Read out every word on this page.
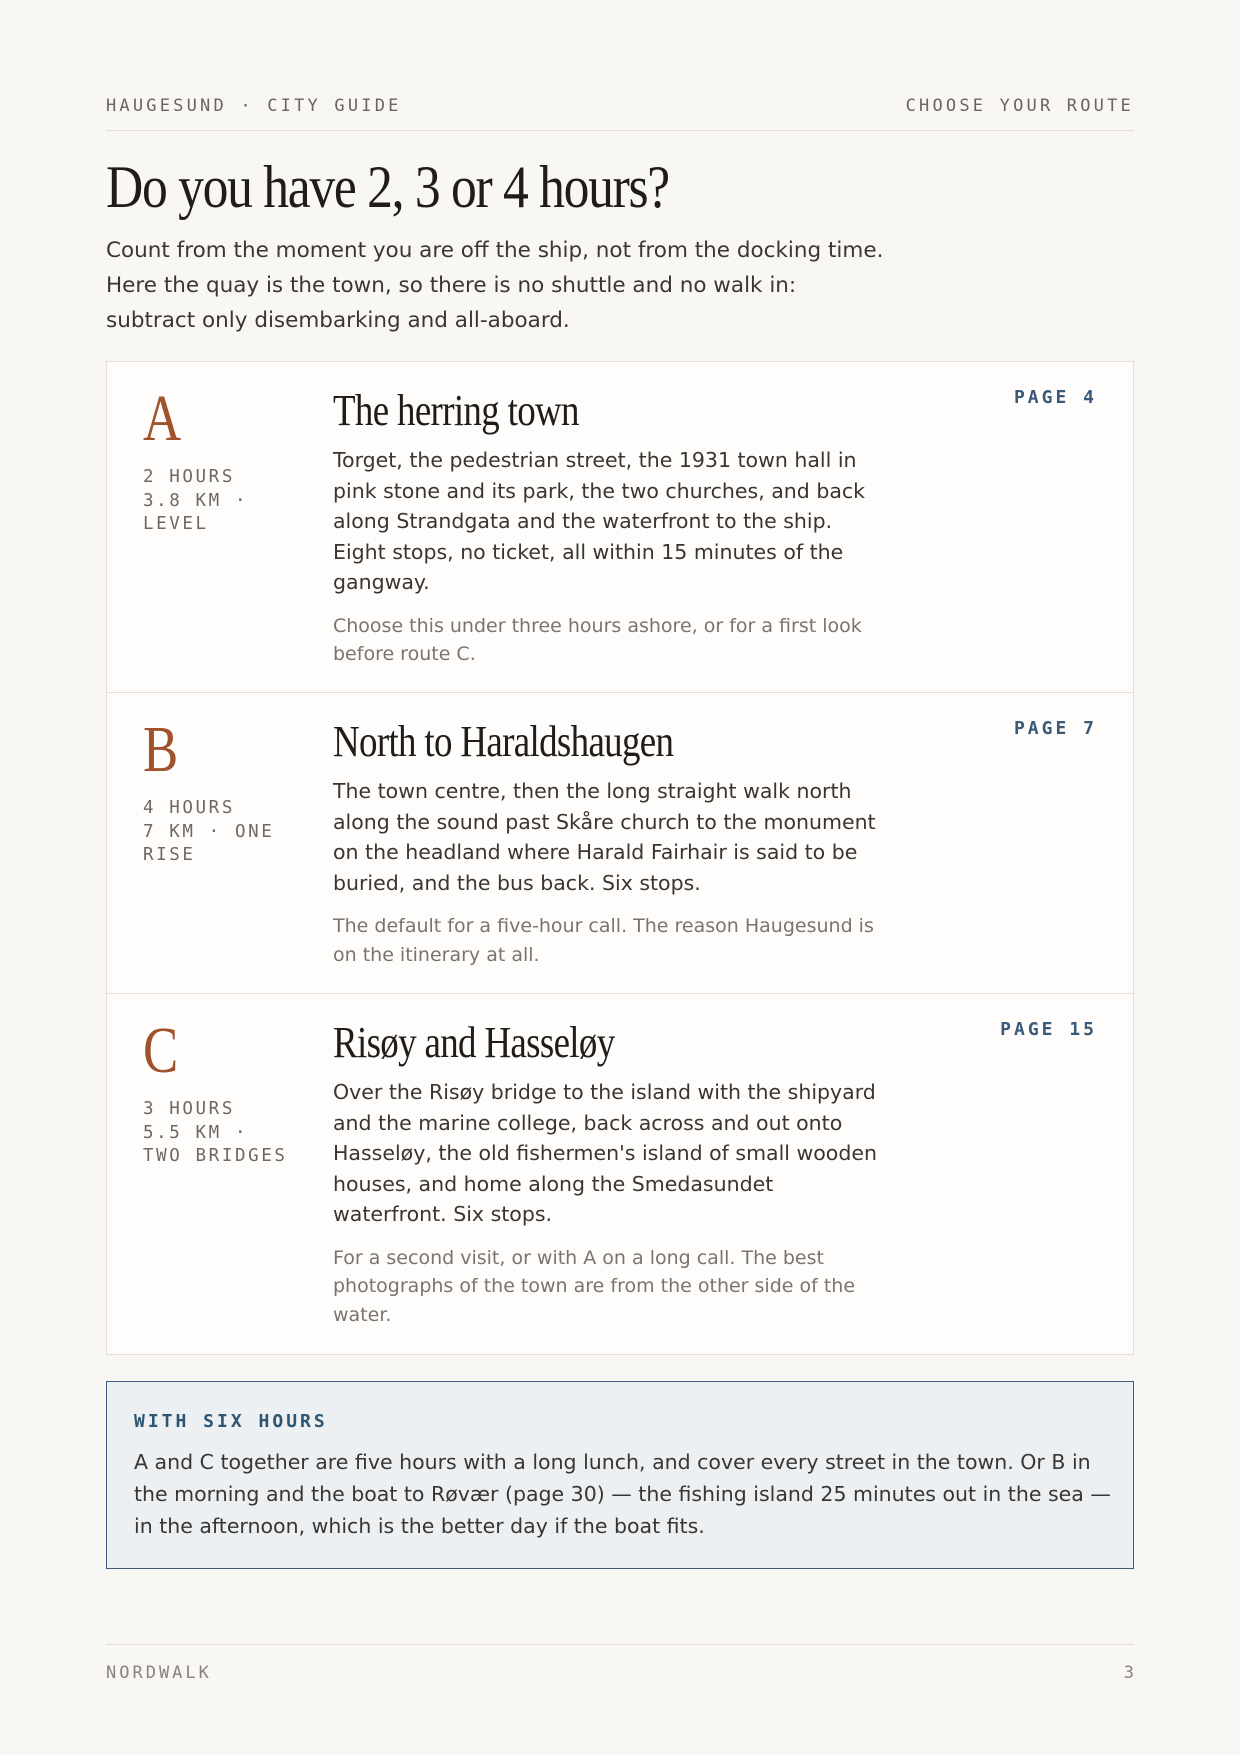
HAUGESUND · CITY GUIDE	CHOOSE YOUR ROUTE
Do you have 2, 3 or 4 hours?

Count from the moment you are off the ship, not from the docking time. Here the quay is the town, so there is no shuttle and no walk in: subtract only disembarking and all-aboard.

A
2 HOURS
3.8 KM ·
LEVEL
The herring town

Torget, the pedestrian street, the 1931 town hall in pink stone and its park, the two churches, and back along Strandgata and the waterfront to the ship. Eight stops, no ticket, all within 15 minutes of the gangway.

Choose this under three hours ashore, or for a first look before route C.

PAGE 4
B
4 HOURS
7 KM · ONE
RISE
North to Haraldshaugen

The town centre, then the long straight walk north along the sound past Skåre church to the monument on the headland where Harald Fairhair is said to be buried, and the bus back. Six stops.

The default for a five-hour call. The reason Haugesund is on the itinerary at all.

PAGE 7
C
3 HOURS
5.5 KM ·
TWO BRIDGES
Risøy and Hasseløy

Over the Risøy bridge to the island with the shipyard and the marine college, back across and out onto Hasseløy, the old fishermen's island of small wooden houses, and home along the Smedasundet waterfront. Six stops.

For a second visit, or with A on a long call. The best photographs of the town are from the other side of the water.

PAGE 15
WITH SIX HOURS

A and C together are five hours with a long lunch, and cover every street in the town. Or B in the morning and the boat to Røvær (page 30) — the fishing island 25 minutes out in the sea — in the afternoon, which is the better day if the boat fits.

NORDWALK	3
